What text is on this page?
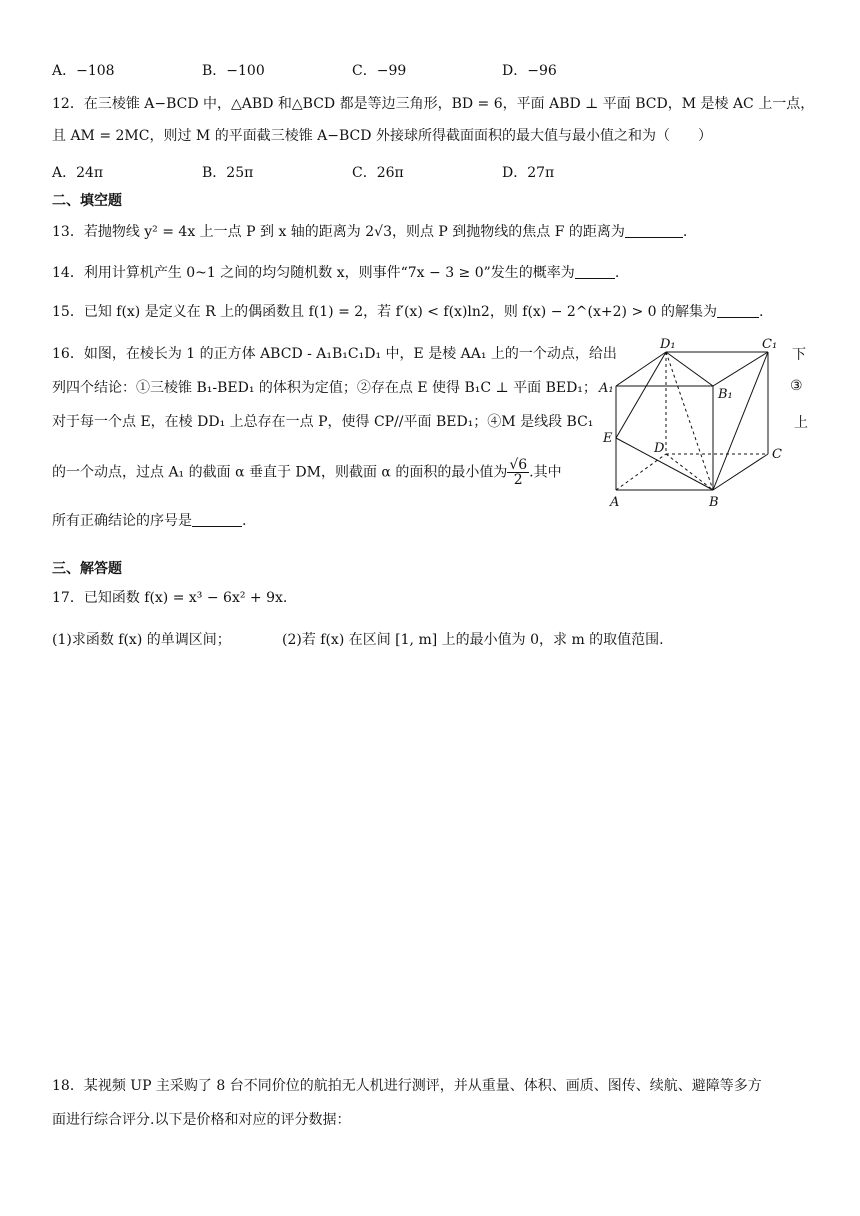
A．−108	B．−100	C．−99	D．−96
12．在三棱锥 A−BCD 中，△ABD 和△BCD 都是等边三角形，BD = 6，平面 ABD ⊥ 平面 BCD，M 是棱 AC 上一点，
且 AM = 2MC，则过 M 的平面截三棱锥 A−BCD 外接球所得截面面积的最大值与最小值之和为（　　）
A．24π	B．25π	C．26π	D．27π
二、填空题
13．若抛物线 y² = 4x 上一点 P 到 x 轴的距离为 2√3，则点 P 到抛物线的焦点 F 的距离为	.
14．利用计算机产生 0~1 之间的均匀随机数 x，则事件“7x − 3 ≥ 0”发生的概率为	.
15．已知 f(x) 是定义在 R 上的偶函数且 f(1) = 2，若 f′(x) < f(x)ln2，则 f(x) − 2^(x+2) > 0 的解集为	.
16．如图，在棱长为 1 的正方体 ABCD - A₁B₁C₁D₁ 中，E 是棱 AA₁ 上的一个动点，给出	下
列四个结论：①三棱锥 B₁-BED₁ 的体积为定值；②存在点 E 使得 B₁C ⊥ 平面 BED₁；	③
对于每一个点 E，在棱 DD₁ 上总存在一点 P，使得 CP//平面 BED₁；④M 是线段 BC₁	上
的一个动点，过点 A₁ 的截面 α 垂直于 DM，则截面 α 的面积的最小值为 $\frac{√6}{2}$ .其中
所有正确结论的序号是	.
D₁	C₁
A₁	B₁
E
D	C
A	B
三、解答题
17．已知函数 f(x) = x³ − 6x² + 9x.
(1)求函数 f(x) 的单调区间；	(2)若 f(x) 在区间 [1, m] 上的最小值为 0，求 m 的取值范围.
18．某视频 UP 主采购了 8 台不同价位的航拍无人机进行测评，并从重量、体积、画质、图传、续航、避障等多方
面进行综合评分.以下是价格和对应的评分数据：
